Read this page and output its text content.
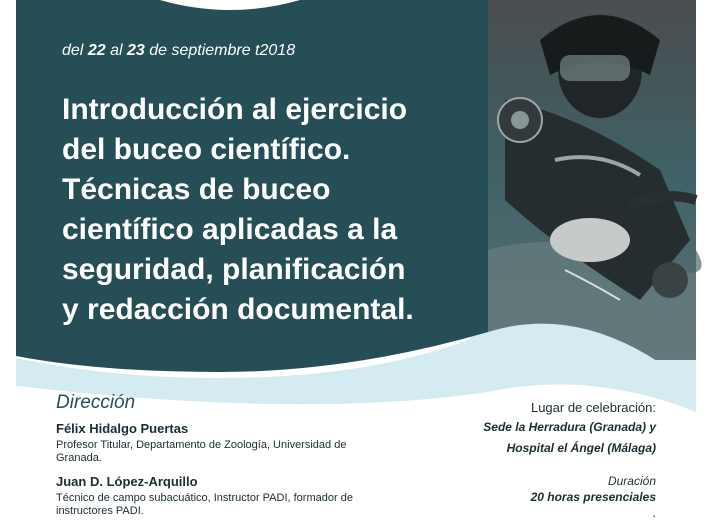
del 22 al 23 de septiembre t2018

Introducción al ejercicio
del buceo científico.
Técnicas de buceo
científico aplicadas a la
seguridad, planificación
y redacción documental.

Dirección

Félix Hidalgo Puertas

Profesor Titular, Departamento de Zoología, Universidad de Granada.

Juan D. López-Arquillo

Técnico de campo subacuático, Instructor PADI, formador de instructores PADI.

Lugar de celebración:

Sede la Herradura (Granada) y

Hospital el Ángel (Málaga)

Duración

20 horas presenciales

.
